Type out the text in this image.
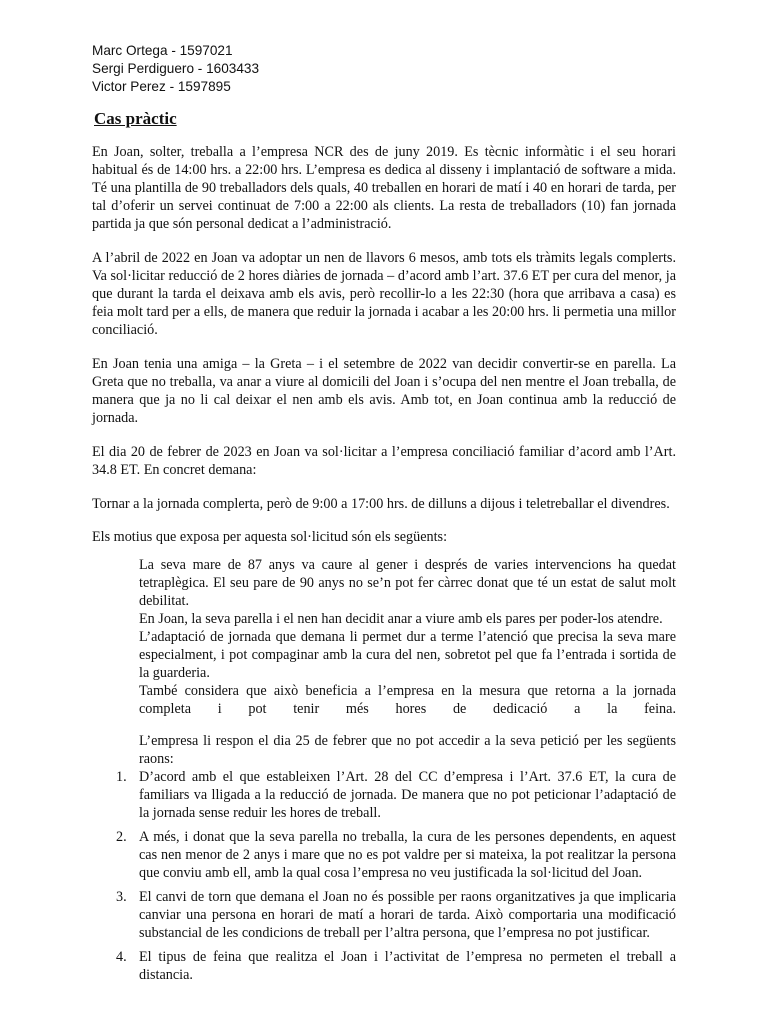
Marc Ortega - 1597021
Sergi Perdiguero - 1603433
Victor Perez - 1597895
Cas pràctic

En Joan, solter, treballa a l’empresa NCR des de juny 2019. Es tècnic informàtic i el seu horari habitual és de 14:00 hrs. a 22:00 hrs. L’empresa es dedica al disseny i implantació de software a mida. Té una plantilla de 90 treballadors dels quals, 40 treballen en horari de matí i 40 en horari de tarda, per tal d’oferir un servei continuat de 7:00 a 22:00 als clients. La resta de treballadors (10) fan jornada partida ja que són personal dedicat a l’administració.

A l’abril de 2022 en Joan va adoptar un nen de llavors 6 mesos, amb tots els tràmits legals complerts. Va sol·licitar reducció de 2 hores diàries de jornada – d’acord amb l’art. 37.6 ET per cura del menor, ja que durant la tarda el deixava amb els avis, però recollir-lo a les 22:30 (hora que arribava a casa) es feia molt tard per a ells, de manera que reduir la jornada i acabar a les 20:00 hrs. li permetia una millor conciliació.

En Joan tenia una amiga – la Greta – i el setembre de 2022 van decidir convertir-se en parella. La Greta que no treballa, va anar a viure al domicili del Joan i s’ocupa del nen mentre el Joan treballa, de manera que ja no li cal deixar el nen amb els avis. Amb tot, en Joan continua amb la reducció de jornada.

El dia 20 de febrer de 2023 en Joan va sol·licitar a l’empresa conciliació familiar d’acord amb l’Art. 34.8 ET. En concret demana:

Tornar a la jornada complerta, però de 9:00 a 17:00 hrs. de dilluns a dijous i teletreballar el divendres.

Els motius que exposa per aquesta sol·licitud són els següents:

La seva mare de 87 anys va caure al gener i després de varies intervencions ha quedat tetraplègica. El seu pare de 90 anys no se’n pot fer càrrec donat que té un estat de salut molt debilitat.
En Joan, la seva parella i el nen han decidit anar a viure amb els pares per poder-los atendre.
L’adaptació de jornada que demana li permet dur a terme l’atenció que precisa la seva mare especialment, i pot compaginar amb la cura del nen, sobretot pel que fa l’entrada i sortida de la guarderia.
També considera que això beneficia a l’empresa en la mesura que retorna a la jornada completa i pot tenir més hores de dedicació a la feina.
L’empresa li respon el dia 25 de febrer que no pot accedir a la seva petició per les següents raons:
1. D’acord amb el que estableixen l’Art. 28 del CC d’empresa i l’Art. 37.6 ET, la cura de familiars va lligada a la reducció de jornada. De manera que no pot peticionar l’adaptació de la jornada sense reduir les hores de treball.
2. A més, i donat que la seva parella no treballa, la cura de les persones dependents, en aquest cas nen menor de 2 anys i mare que no es pot valdre per si mateixa, la pot realitzar la persona que conviu amb ell, amb la qual cosa l’empresa no veu justificada la sol·licitud del Joan.
3. El canvi de torn que demana el Joan no és possible per raons organitzatives ja que implicaria canviar una persona en horari de matí a horari de tarda. Això comportaria una modificació substancial de les condicions de treball per l’altra persona, que l’empresa no pot justificar.
4. El tipus de feina que realitza el Joan i l’activitat de l’empresa no permeten el treball a distancia.
